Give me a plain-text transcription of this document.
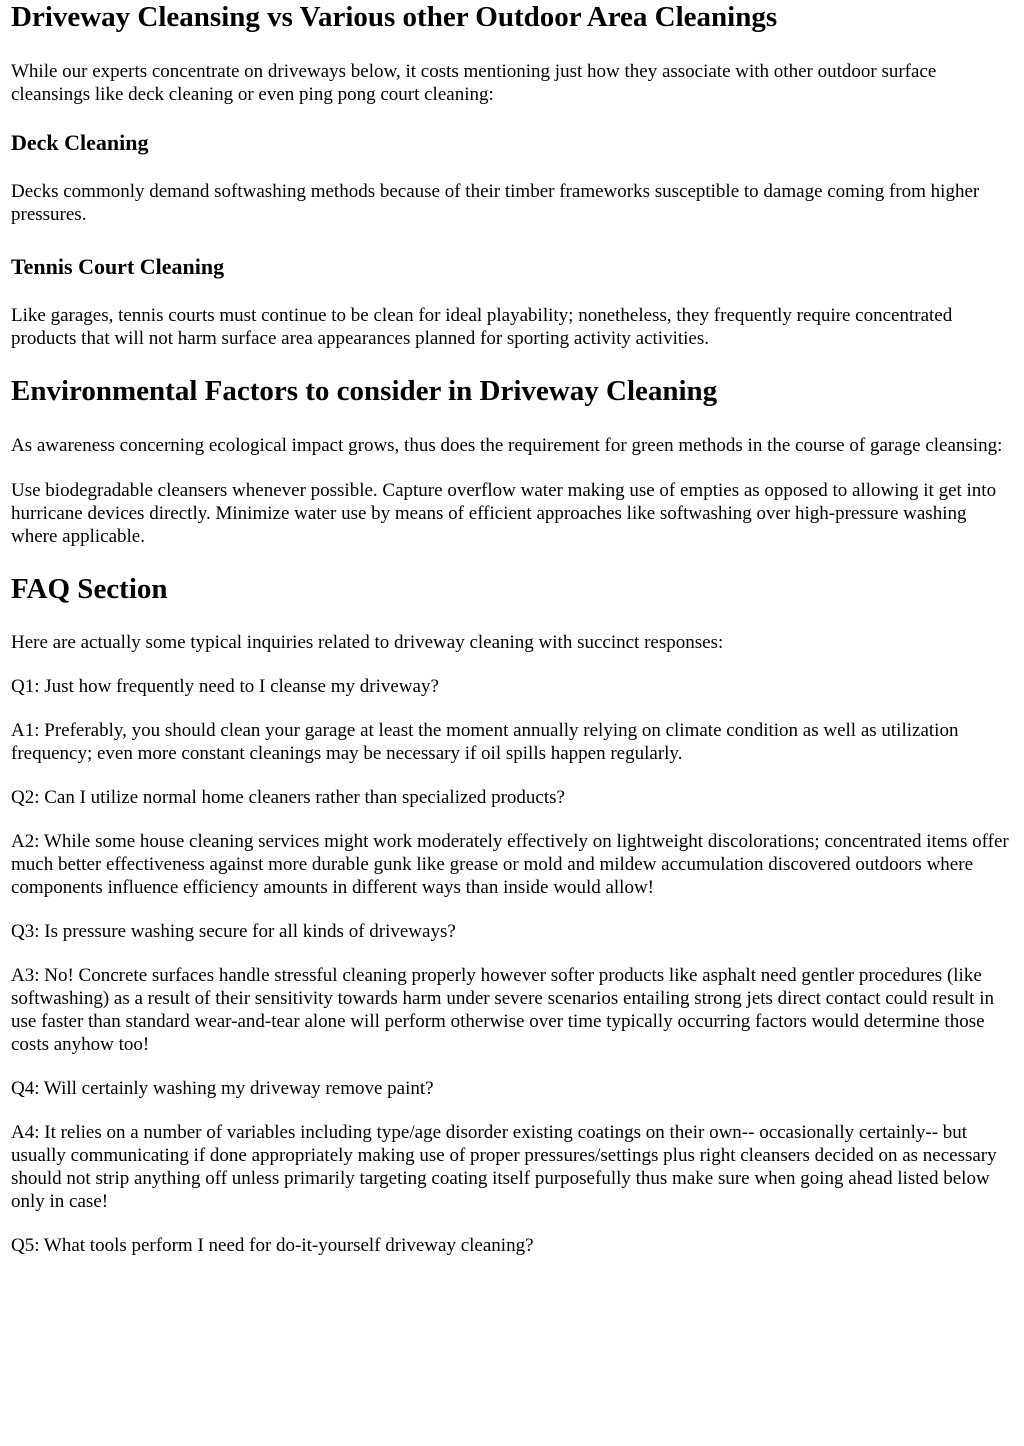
Driveway Cleansing vs Various other Outdoor Area Cleanings

While our experts concentrate on driveways below, it costs mentioning just how they associate with other outdoor surface cleansings like deck cleaning or even ping pong court cleaning:

Deck Cleaning

Decks commonly demand softwashing methods because of their timber frameworks susceptible to damage coming from higher pressures.

Tennis Court Cleaning

Like garages, tennis courts must continue to be clean for ideal playability; nonetheless, they frequently require concentrated products that will not harm surface area appearances planned for sporting activity activities.

Environmental Factors to consider in Driveway Cleaning

As awareness concerning ecological impact grows, thus does the requirement for green methods in the course of garage cleansing:

Use biodegradable cleansers whenever possible. Capture overflow water making use of empties as opposed to allowing it get into hurricane devices directly. Minimize water use by means of efficient approaches like softwashing over high-pressure washing where applicable.

FAQ Section

Here are actually some typical inquiries related to driveway cleaning with succinct responses:

Q1: Just how frequently need to I cleanse my driveway?

A1: Preferably, you should clean your garage at least the moment annually relying on climate condition as well as utilization frequency; even more constant cleanings may be necessary if oil spills happen regularly.

Q2: Can I utilize normal home cleaners rather than specialized products?

A2: While some house cleaning services might work moderately effectively on lightweight discolorations; concentrated items offer much better effectiveness against more durable gunk like grease or mold and mildew accumulation discovered outdoors where components influence efficiency amounts in different ways than inside would allow!

Q3: Is pressure washing secure for all kinds of driveways?

A3: No! Concrete surfaces handle stressful cleaning properly however softer products like asphalt need gentler procedures (like softwashing) as a result of their sensitivity towards harm under severe scenarios entailing strong jets direct contact could result in use faster than standard wear-and-tear alone will perform otherwise over time typically occurring factors would determine those costs anyhow too!

Q4: Will certainly washing my driveway remove paint?

A4: It relies on a number of variables including type/age disorder existing coatings on their own-- occasionally certainly-- but usually communicating if done appropriately making use of proper pressures/settings plus right cleansers decided on as necessary should not strip anything off unless primarily targeting coating itself purposefully thus make sure when going ahead listed below only in case!

Q5: What tools perform I need for do-it-yourself driveway cleaning?
